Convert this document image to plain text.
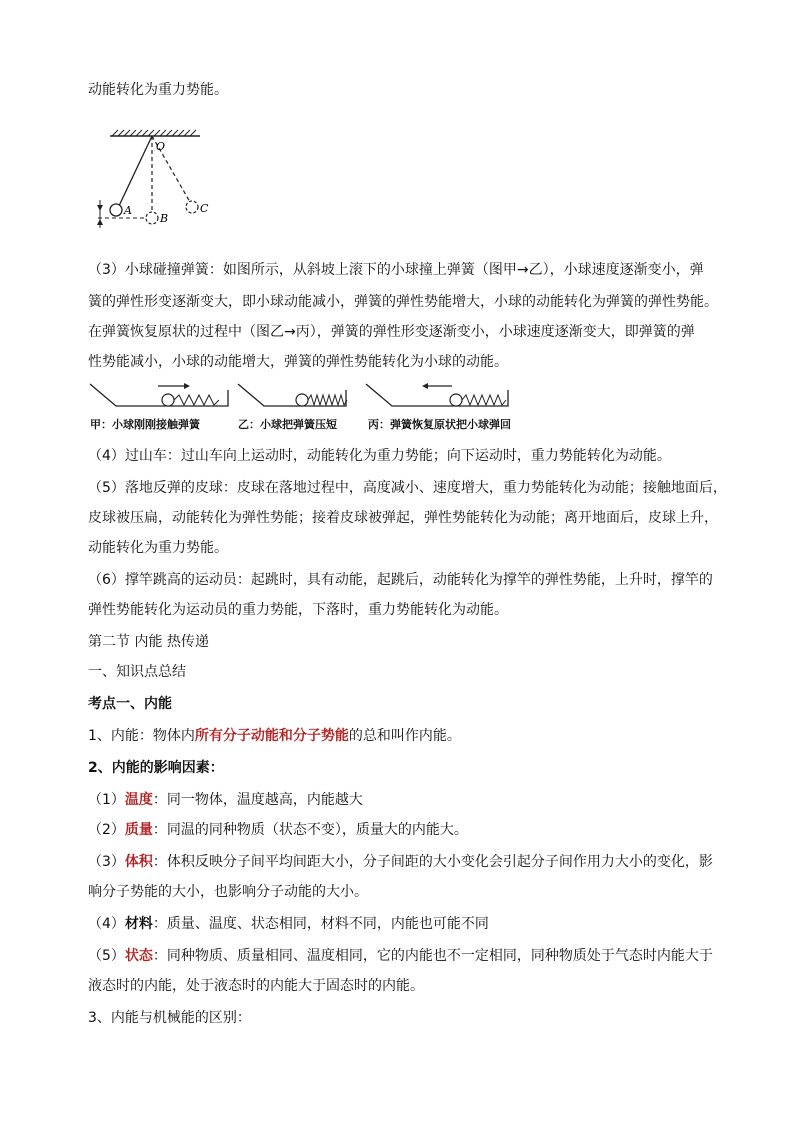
动能转化为重力势能。
O
A
B
C
（3）小球碰撞弹簧：如图所示，从斜坡上滚下的小球撞上弹簧（图甲→乙），小球速度逐渐变小，弹
簧的弹性形变逐渐变大，即小球动能减小，弹簧的弹性势能增大，小球的动能转化为弹簧的弹性势能。
在弹簧恢复原状的过程中（图乙→丙），弹簧的弹性形变逐渐变小，小球速度逐渐变大，即弹簧的弹
性势能减小，小球的动能增大，弹簧的弹性势能转化为小球的动能。
甲：小球刚刚接触弹簧	乙：小球把弹簧压短	丙：弹簧恢复原状把小球弹回
（4）过山车：过山车向上运动时，动能转化为重力势能；向下运动时，重力势能转化为动能。
（5）落地反弹的皮球：皮球在落地过程中，高度减小、速度增大，重力势能转化为动能；接触地面后，
皮球被压扁，动能转化为弹性势能；接着皮球被弹起，弹性势能转化为动能；离开地面后，皮球上升，
动能转化为重力势能。
（6）撑竿跳高的运动员：起跳时，具有动能，起跳后，动能转化为撑竿的弹性势能，上升时，撑竿的
弹性势能转化为运动员的重力势能，下落时，重力势能转化为动能。
第二节 内能 热传递
一、知识点总结
考点一、内能
1、内能：物体内所有分子动能和分子势能的总和叫作内能。
2、内能的影响因素：
（1）温度：同一物体，温度越高，内能越大
（2）质量：同温的同种物质（状态不变），质量大的内能大。
（3）体积：体积反映分子间平均间距大小，分子间距的大小变化会引起分子间作用力大小的变化，影
响分子势能的大小，也影响分子动能的大小。
（4）材料：质量、温度、状态相同，材料不同，内能也可能不同
（5）状态：同种物质、质量相同、温度相同，它的内能也不一定相同，同种物质处于气态时内能大于
液态时的内能，处于液态时的内能大于固态时的内能。
3、内能与机械能的区别：
